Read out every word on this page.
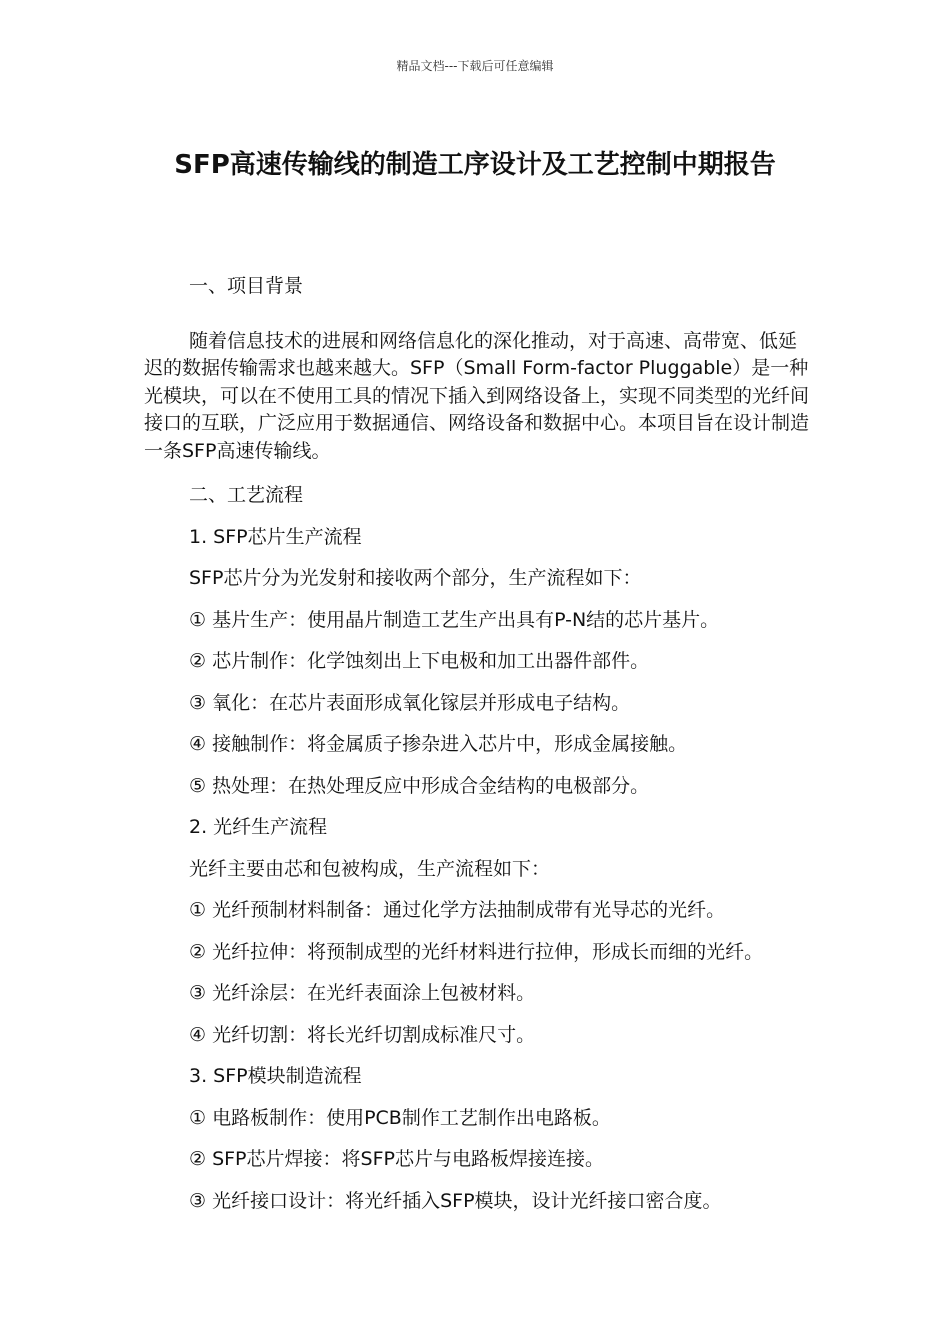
精品文档---下载后可任意编辑
SFP高速传输线的制造工序设计及工艺控制中期报告
一、项目背景
随着信息技术的进展和网络信息化的深化推动，对于高速、高带宽、低延迟的数据传输需求也越来越大。SFP（Small Form-factor Pluggable）是一种光模块，可以在不使用工具的情况下插入到网络设备上，实现不同类型的光纤间接口的互联，广泛应用于数据通信、网络设备和数据中心。本项目旨在设计制造一条SFP高速传输线。
二、工艺流程
1. SFP芯片生产流程
SFP芯片分为光发射和接收两个部分，生产流程如下：
① 基片生产：使用晶片制造工艺生产出具有P-N结的芯片基片。
② 芯片制作：化学蚀刻出上下电极和加工出器件部件。
③ 氧化：在芯片表面形成氧化镓层并形成电子结构。
④ 接触制作：将金属质子掺杂进入芯片中，形成金属接触。
⑤ 热处理：在热处理反应中形成合金结构的电极部分。
2. 光纤生产流程
光纤主要由芯和包被构成，生产流程如下：
① 光纤预制材料制备：通过化学方法抽制成带有光导芯的光纤。
② 光纤拉伸：将预制成型的光纤材料进行拉伸，形成长而细的光纤。
③ 光纤涂层：在光纤表面涂上包被材料。
④ 光纤切割：将长光纤切割成标准尺寸。
3. SFP模块制造流程
① 电路板制作：使用PCB制作工艺制作出电路板。
② SFP芯片焊接：将SFP芯片与电路板焊接连接。
③ 光纤接口设计：将光纤插入SFP模块，设计光纤接口密合度。
